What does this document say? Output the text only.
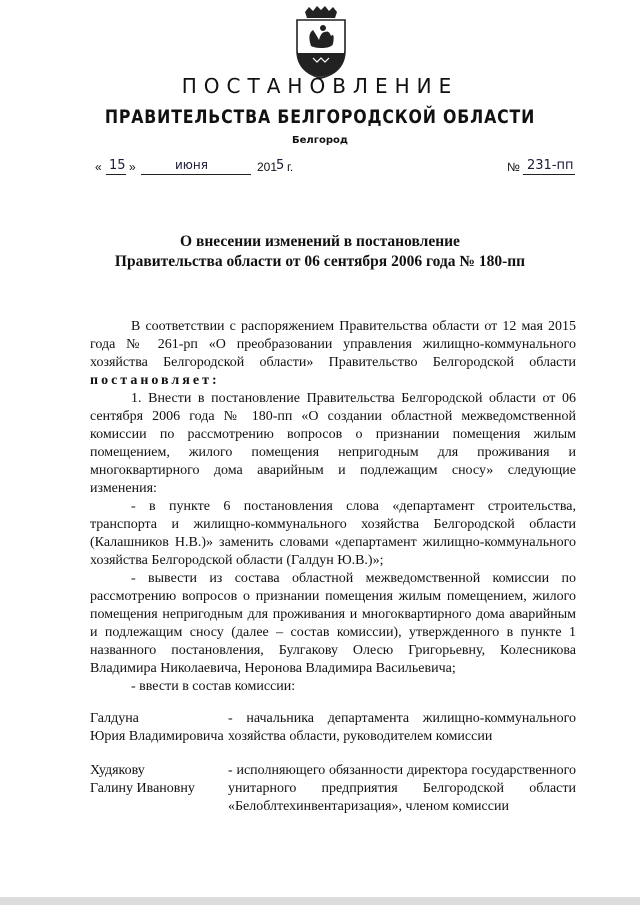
ПОСТАНОВЛЕНИЕ
ПРАВИТЕЛЬСТВА БЕЛГОРОДСКОЙ ОБЛАСТИ
Белгород
« 15 »	июня	201
5 г.	№ 231-пп
О внесении изменений в постановление
Правительства области от 06 сентября 2006 года № 180-пп

В соответствии с распоряжением Правительства области от 12 мая 2015 года № 261-рп «О преобразовании управления жилищно-коммунального хозяйства Белгородской области» Правительство Белгородской области постановляет:

1. Внести в постановление Правительства Белгородской области от 06 сентября 2006 года № 180-пп «О создании областной межведомственной комиссии по рассмотрению вопросов о признании помещения жилым помещением, жилого помещения непригодным для проживания и многоквартирного дома аварийным и подлежащим сносу» следующие изменения:

- в пункте 6 постановления слова «департамент строительства, транспорта и жилищно-коммунального хозяйства Белгородской области (Калашников Н.В.)» заменить словами «департамент жилищно-коммунального хозяйства Белгородской области (Галдун Ю.В.)»;

- вывести из состава областной межведомственной комиссии по рассмотрению вопросов о признании помещения жилым помещением, жилого помещения непригодным для проживания и многоквартирного дома аварийным и подлежащим сносу (далее – состав комиссии), утвержденного в пункте 1 названного постановления, Булгакову Олесю Григорьевну, Колесникова Владимира Николаевича, Неронова Владимира Васильевича;

- ввести в состав комиссии:

Галдуна
Юрия Владимировича
- начальника департамента жилищно-коммунального хозяйства области, руководителем комиссии
Худякову
Галину Ивановну
- исполняющего обязанности директора государственного унитарного предприятия Белгородской области «Белоблтехинвентаризация», членом комиссии
